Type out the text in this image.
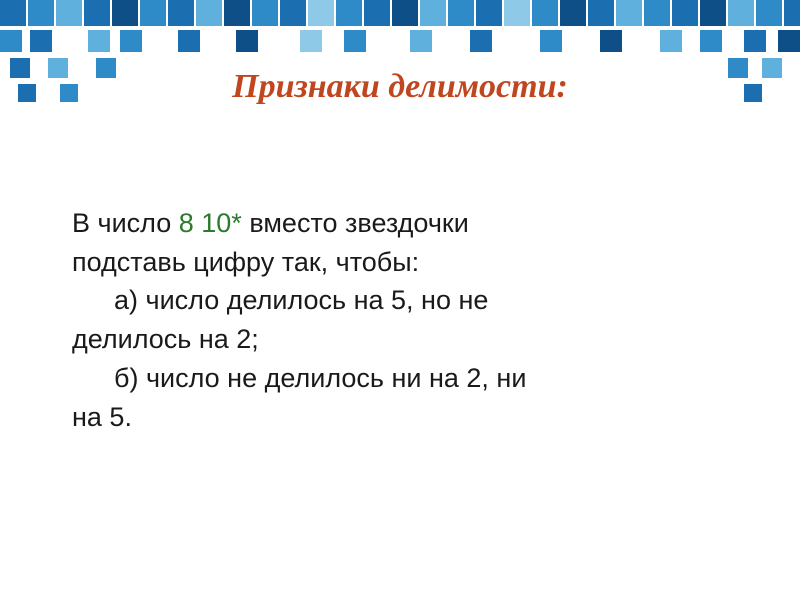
Признаки делимости:

В число 8 10* вместо звездочки

подставь цифру так, чтобы:

а) число делилось на 5, но не

делилось на 2;

б) число не делилось ни на 2, ни

на 5.
